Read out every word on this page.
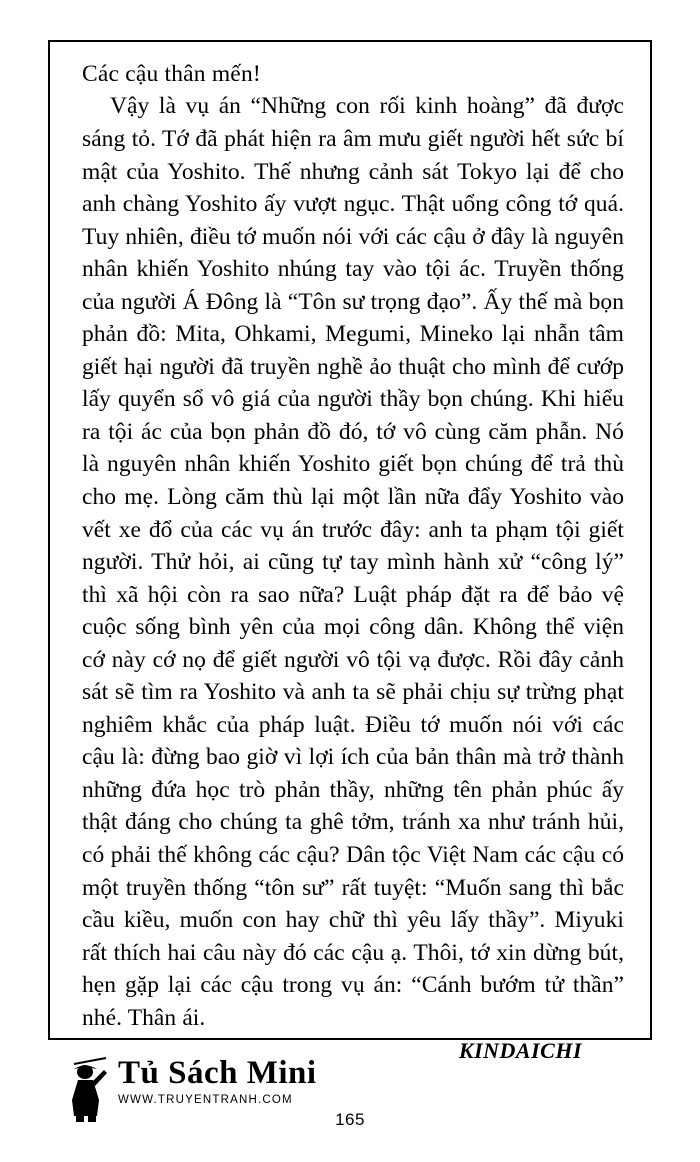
Các cậu thân mến!

Vậy là vụ án “Những con rối kinh hoàng” đã được sáng tỏ. Tớ đã phát hiện ra âm mưu giết người hết sức bí mật của Yoshito. Thế nhưng cảnh sát Tokyo lại để cho anh chàng Yoshito ấy vượt ngục. Thật uổng công tớ quá. Tuy nhiên, điều tớ muốn nói với các cậu ở đây là nguyên nhân khiến Yoshito nhúng tay vào tội ác. Truyền thống của người Á Đông là “Tôn sư trọng đạo”. Ấy thế mà bọn phản đồ: Mita, Ohkami, Megumi, Mineko lại nhẫn tâm giết hại người đã truyền nghề ảo thuật cho mình để cướp lấy quyển sổ vô giá của người thầy bọn chúng. Khi hiểu ra tội ác của bọn phản đồ đó, tớ vô cùng căm phẫn. Nó là nguyên nhân khiến Yoshito giết bọn chúng để trả thù cho mẹ. Lòng căm thù lại một lần nữa đẩy Yoshito vào vết xe đổ của các vụ án trước đây: anh ta phạm tội giết người. Thử hỏi, ai cũng tự tay mình hành xử “công lý” thì xã hội còn ra sao nữa? Luật pháp đặt ra để bảo vệ cuộc sống bình yên của mọi công dân. Không thể viện cớ này cớ nọ để giết người vô tội vạ được. Rồi đây cảnh sát sẽ tìm ra Yoshito và anh ta sẽ phải chịu sự trừng phạt nghiêm khắc của pháp luật. Điều tớ muốn nói với các cậu là: đừng bao giờ vì lợi ích của bản thân mà trở thành những đứa học trò phản thầy, những tên phản phúc ấy thật đáng cho chúng ta ghê tởm, tránh xa như tránh hủi, có phải thế không các cậu? Dân tộc Việt Nam các cậu có một truyền thống “tôn sư” rất tuyệt: “Muốn sang thì bắc cầu kiều, muốn con hay chữ thì yêu lấy thầy”. Miyuki rất thích hai câu này đó các cậu ạ. Thôi, tớ xin dừng bút, hẹn gặp lại các cậu trong vụ án: “Cánh bướm tử thần” nhé. Thân ái.

KINDAICHI
Tủ Sách Mini
WWW.TRUYENTRANH.COM
165
